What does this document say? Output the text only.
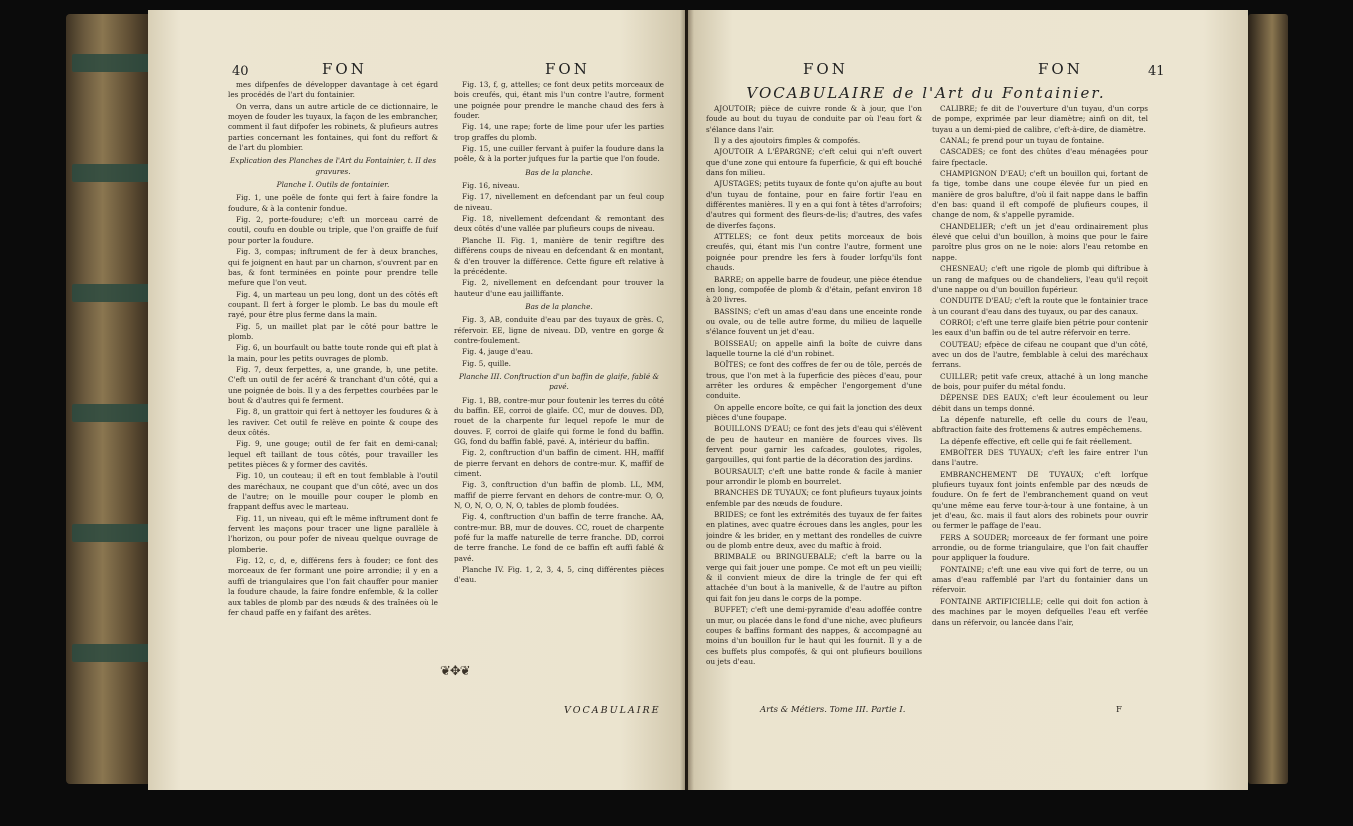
40	FON	FON

mes difpenfes de développer davantage à cet égard les procédés de l'art du fontainier.

On verra, dans un autre article de ce dictionnaire, le moyen de fouder les tuyaux, la façon de les embrancher, comment il faut difpofer les robinets, & plufieurs autres parties concernant les fontaines, qui font du reffort & de l'art du plombier.

Explication des Planches de l'Art du Fontainier, t. II des gravures.

Planche I. Outils de fontainier.

Fig. 1, une poêle de fonte qui fert à faire fondre la foudure, & à la contenir fondue.

Fig. 2, porte-foudure; c'eft un morceau carré de coutil, coufu en double ou triple, que l'on graiffe de fuif pour porter la foudure.

Fig. 3, compas; inftrument de fer à deux branches, qui fe joignent en haut par un charnon, s'ouvrent par en bas, & font terminées en pointe pour prendre telle mefure que l'on veut.

Fig. 4, un marteau un peu long, dont un des côtés eft coupant. Il fert à forger le plomb. Le bas du moule eft rayé, pour être plus ferme dans la main.

Fig. 5, un maillet plat par le côté pour battre le plomb.

Fig. 6, un bourfault ou batte toute ronde qui eft plat à la main, pour les petits ouvrages de plomb.

Fig. 7, deux ferpettes, a, une grande, b, une petite. C'eft un outil de fer acéré & tranchant d'un côté, qui a une poignée de bois. Il y a des ferpettes courbées par le bout & d'autres qui fe ferment.

Fig. 8, un grattoir qui fert à nettoyer les foudures & à les raviver. Cet outil fe relève en pointe & coupe des deux côtés.

Fig. 9, une gouge; outil de fer fait en demi-canal; lequel eft taillant de tous côtés, pour travailler les petites pièces & y former des cavités.

Fig. 10, un couteau; il eft en tout femblable à l'outil des maréchaux, ne coupant que d'un côté, avec un dos de l'autre; on le mouille pour couper le plomb en frappant deffus avec le marteau.

Fig. 11, un niveau, qui eft le même inftrument dont fe fervent les maçons pour tracer une ligne parallèle à l'horizon, ou pour pofer de niveau quelque ouvrage de plomberie.

Fig. 12, c, d, e, différens fers à fouder; ce font des morceaux de fer formant une poire arrondie; il y en a auffi de triangulaires que l'on fait chauffer pour manier la foudure chaude, la faire fondre enfemble, & la coller aux tables de plomb par des nœuds & des traînées où le fer chaud paffe en y faifant des arêtes.

Fig. 13, f, g, attelles; ce font deux petits morceaux de bois creufés, qui, étant mis l'un contre l'autre, forment une poignée pour prendre le manche chaud des fers à fouder.

Fig. 14, une rape; forte de lime pour ufer les parties trop graffes du plomb.

Fig. 15, une cuiller fervant à puifer la foudure dans la poêle, & à la porter jufques fur la partie que l'on foude.

Bas de la planche.

Fig. 16, niveau.

Fig. 17, nivellement en defcendant par un feul coup de niveau.

Fig. 18, nivellement defcendant & remontant des deux côtés d'une vallée par plufieurs coups de niveau.

Planche II. Fig. 1, manière de tenir regiftre des différens coups de niveau en defcendant & en montant, & d'en trouver la différence. Cette figure eft relative à la précédente.

Fig. 2, nivellement en defcendant pour trouver la hauteur d'une eau jailliffante.

Bas de la planche.

Fig. 3, AB, conduite d'eau par des tuyaux de grès. C, réfervoir. EE, ligne de niveau. DD, ventre en gorge & contre-foulement.

Fig. 4, jauge d'eau.

Fig. 5, quille.

Planche III. Conftruction d'un baffin de glaife, fablé & pavé.

Fig. 1, BB, contre-mur pour foutenir les terres du côté du baffin. EE, corroi de glaife. CC, mur de douves. DD, rouet de la charpente fur lequel repofe le mur de douves. F, corroi de glaife qui forme le fond du baffin. GG, fond du baffin fablé, pavé. A, intérieur du baffin.

Fig. 2, conftruction d'un baffin de ciment. HH, maffif de pierre fervant en dehors de contre-mur. K, maffif de ciment.

Fig. 3, conftruction d'un baffin de plomb. LL, MM, maffif de pierre fervant en dehors de contre-mur. O, O, N, O, N, O, O, N, O, tables de plomb foudées.

Fig. 4, conftruction d'un baffin de terre franche. AA, contre-mur. BB, mur de douves. CC, rouet de charpente pofé fur la maffe naturelle de terre franche. DD, corroi de terre franche. Le fond de ce baffin eft auffi fablé & pavé.

Planche IV. Fig. 1, 2, 3, 4, 5, cinq différentes pièces d'eau.

❦✥❦
VOCABULAIRE
FON	FON	41
VOCABULAIRE de l'Art du Fontainier.

AJOUTOIR; pièce de cuivre ronde & à jour, que l'on foude au bout du tuyau de conduite par où l'eau fort & s'élance dans l'air.

Il y a des ajoutoirs fimples & compofés.

AJOUTOIR A L'ÉPARGNE; c'eft celui qui n'eft ouvert que d'une zone qui entoure fa fuperficie, & qui eft bouché dans fon milieu.

AJUSTAGES; petits tuyaux de fonte qu'on ajufte au bout d'un tuyau de fontaine, pour en faire fortir l'eau en différentes manières. Il y en a qui font à têtes d'arrofoirs; d'autres qui forment des fleurs-de-lis; d'autres, des vafes de diverfes façons.

ATTELES; ce font deux petits morceaux de bois creufés, qui, étant mis l'un contre l'autre, forment une poignée pour prendre les fers à fouder lorfqu'ils font chauds.

BARRE; on appelle barre de foudeur, une pièce étendue en long, compofée de plomb & d'étain, pefant environ 18 à 20 livres.

BASSINS; c'eft un amas d'eau dans une enceinte ronde ou ovale, ou de telle autre forme, du milieu de laquelle s'élance fouvent un jet d'eau.

BOISSEAU; on appelle ainfi la boîte de cuivre dans laquelle tourne la clé d'un robinet.

BOÎTES; ce font des coffres de fer ou de tôle, percés de trous, que l'on met à la fuperficie des pièces d'eau, pour arrêter les ordures & empêcher l'engorgement d'une conduite.

On appelle encore boîte, ce qui fait la jonction des deux pièces d'une foupape.

BOUILLONS D'EAU; ce font des jets d'eau qui s'élèvent de peu de hauteur en manière de fources vives. Ils fervent pour garnir les cafcades, goulotes, rigoles, gargouilles, qui font partie de la décoration des jardins.

BOURSAULT; c'eft une batte ronde & facile à manier pour arrondir le plomb en bourrelet.

BRANCHES DE TUYAUX; ce font plufieurs tuyaux joints enfemble par des nœuds de foudure.

BRIDES; ce font les extrémités des tuyaux de fer faites en platines, avec quatre écroues dans les angles, pour les joindre & les brider, en y mettant des rondelles de cuivre ou de plomb entre deux, avec du maftic à froid.

BRIMBALE ou BRINGUEBALE; c'eft la barre ou la verge qui fait jouer une pompe. Ce mot eft un peu vieilli; & il convient mieux de dire la tringle de fer qui eft attachée d'un bout à la manivelle, & de l'autre au pifton qui fait fon jeu dans le corps de la pompe.

BUFFET; c'eft une demi-pyramide d'eau adoffée contre un mur, ou placée dans le fond d'une niche, avec plufieurs coupes & baffins formant des nappes, & accompagné au moins d'un bouillon fur le haut qui les fournit. Il y a de ces buffets plus compofés, & qui ont plufieurs bouillons ou jets d'eau.

CALIBRE; fe dit de l'ouverture d'un tuyau, d'un corps de pompe, exprimée par leur diamètre; ainfi on dit, tel tuyau a un demi-pied de calibre, c'eft-à-dire, de diamètre.

CANAL; fe prend pour un tuyau de fontaine.

CASCADES; ce font des chûtes d'eau ménagées pour faire fpectacle.

CHAMPIGNON D'EAU; c'eft un bouillon qui, fortant de fa tige, tombe dans une coupe élevée fur un pied en manière de gros baluftre, d'où il fait nappe dans le baffin d'en bas: quand il eft compofé de plufieurs coupes, il change de nom, & s'appelle pyramide.

CHANDELIER; c'eft un jet d'eau ordinairement plus élevé que celui d'un bouillon, à moins que pour le faire paroître plus gros on ne le noie: alors l'eau retombe en nappe.

CHESNEAU; c'eft une rigole de plomb qui diftribue à un rang de mafques ou de chandeliers, l'eau qu'il reçoit d'une nappe ou d'un bouillon fupérieur.

CONDUITE D'EAU; c'eft la route que le fontainier trace à un courant d'eau dans des tuyaux, ou par des canaux.

CORROI; c'eft une terre glaife bien pétrie pour contenir les eaux d'un baffin ou de tel autre réfervoir en terre.

COUTEAU; efpèce de cifeau ne coupant que d'un côté, avec un dos de l'autre, femblable à celui des maréchaux ferrans.

CUILLER; petit vafe creux, attaché à un long manche de bois, pour puifer du métal fondu.

DÉPENSE DES EAUX; c'eft leur écoulement ou leur débit dans un temps donné.

La dépenfe naturelle, eft celle du cours de l'eau, abftraction faite des frottemens & autres empêchemens.

La dépenfe effective, eft celle qui fe fait réellement.

EMBOÎTER DES TUYAUX; c'eft les faire entrer l'un dans l'autre.

EMBRANCHEMENT DE TUYAUX; c'eft lorfque plufieurs tuyaux font joints enfemble par des nœuds de foudure. On fe fert de l'embranchement quand on veut qu'une même eau ferve tour-à-tour à une fontaine, à un jet d'eau, &c. mais il faut alors des robinets pour ouvrir ou fermer le paffage de l'eau.

FERS A SOUDER; morceaux de fer formant une poire arrondie, ou de forme triangulaire, que l'on fait chauffer pour appliquer la foudure.

FONTAINE; c'eft une eau vive qui fort de terre, ou un amas d'eau raffemblé par l'art du fontainier dans un réfervoir.

FONTAINE ARTIFICIELLE; celle qui doit fon action à des machines par le moyen defquelles l'eau eft verfée dans un réfervoir, ou lancée dans l'air,

Arts & Métiers. Tome III. Partie I.	F
